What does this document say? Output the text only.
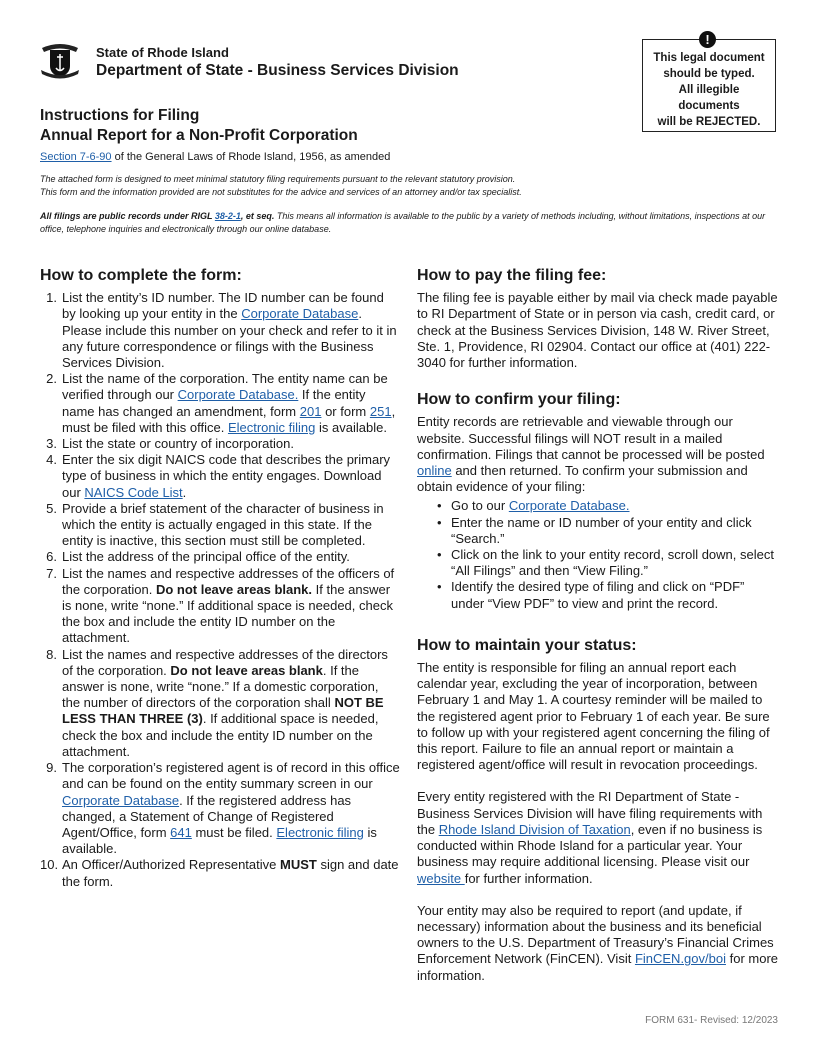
State of Rhode Island
Department of State - Business Services Division
This legal document
should be typed.
All illegible
documents
will be REJECTED.
!
Instructions for Filing
Annual Report for a Non-Profit Corporation
Section 7-6-90 of the General Laws of Rhode Island, 1956, as amended
The attached form is designed to meet minimal statutory filing requirements pursuant to the relevant statutory provision.
This form and the information provided are not substitutes for the advice and services of an attorney and/or tax specialist.
All filings are public records under RIGL 38-2-1, et seq. This means all information is available to the public by a variety of methods including, without limitations, inspections at our office, telephone inquiries and electronically through our online database.
How to complete the form:
1. List the entity’s ID number. The ID number can be found by looking up your entity in the Corporate Database. Please include this number on your check and refer to it in any future correspondence or filings with the Business Services Division.
2. List the name of the corporation. The entity name can be verified through our Corporate Database. If the entity name has changed an amendment, form 201 or form 251, must be filed with this office. Electronic filing is available.
3. List the state or country of incorporation.
4. Enter the six digit NAICS code that describes the primary type of business in which the entity engages. Download our NAICS Code List.
5. Provide a brief statement of the character of business in which the entity is actually engaged in this state. If the entity is inactive, this section must still be completed.
6. List the address of the principal office of the entity.
7. List the names and respective addresses of the officers of the corporation. Do not leave areas blank. If the answer is none, write “none.” If additional space is needed, check the box and include the entity ID number on the attachment.
8. List the names and respective addresses of the directors of the corporation. Do not leave areas blank. If the answer is none, write “none.” If a domestic corporation, the number of directors of the corporation shall NOT BE LESS THAN THREE (3). If additional space is needed, check the box and include the entity ID number on the attachment.
9. The corporation’s registered agent is of record in this office and can be found on the entity summary screen in our Corporate Database. If the registered address has changed, a Statement of Change of Registered Agent/Office, form 641 must be filed. Electronic filing is available.
10. An Officer/Authorized Representative MUST sign and date the form.
How to pay the filing fee:

The filing fee is payable either by mail via check made payable to RI Department of State or in person via cash, credit card, or check at the Business Services Division, 148 W. River Street, Ste. 1, Providence, RI 02904. Contact our office at (401) 222-3040 for further information.

How to confirm your filing:

Entity records are retrievable and viewable through our website. Successful filings will NOT result in a mailed confirmation. Filings that cannot be processed will be posted online and then returned. To confirm your submission and obtain evidence of your filing:

• Go to our Corporate Database.
• Enter the name or ID number of your entity and click “Search.”
• Click on the link to your entity record, scroll down, select “All Filings” and then “View Filing.”
• Identify the desired type of filing and click on “PDF” under “View PDF” to view and print the record.
How to maintain your status:

The entity is responsible for filing an annual report each calendar year, excluding the year of incorporation, between February 1 and May 1. A courtesy reminder will be mailed to the registered agent prior to February 1 of each year. Be sure to follow up with your registered agent concerning the filing of this report. Failure to file an annual report or maintain a registered agent/office will result in revocation proceedings.

Every entity registered with the RI Department of State - Business Services Division will have filing requirements with the Rhode Island Division of Taxation, even if no business is conducted within Rhode Island for a particular year. Your business may require additional licensing. Please visit our website for further information.

Your entity may also be required to report (and update, if necessary) information about the business and its beneficial owners to the U.S. Department of Treasury’s Financial Crimes Enforcement Network (FinCEN). Visit FinCEN.gov/boi for more information.

FORM 631- Revised: 12/2023
